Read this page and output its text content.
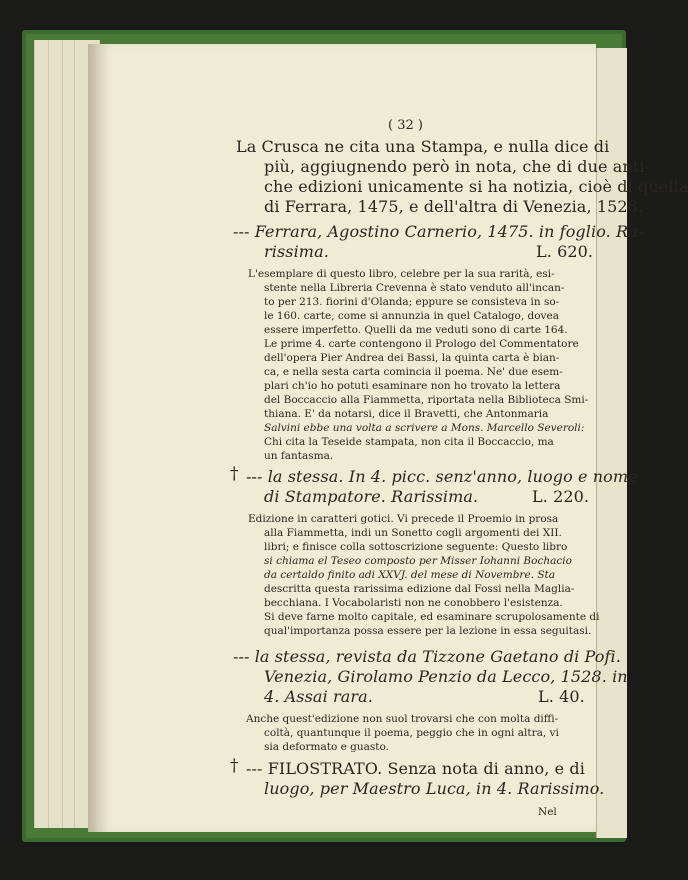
( 32 )
La Crusca ne cita una Stampa, e nulla dice di
più, aggiugnendo però in nota, che di due anti-
che edizioni unicamente si ha notizia, cioè di quella
di Ferrara, 1475, e dell'altra di Venezia, 1528.
--- Ferrara, Agostino Carnerio, 1475. in foglio. Ra-
rissima.	L. 620.
L'esemplare di questo libro, celebre per la sua rarità, esi-
stente nella Libreria Crevenna è stato venduto all'incan-
to per 213. fiorini d'Olanda; eppure se consisteva in so-
le 160. carte, come si annunzia in quel Catalogo, dovea
essere imperfetto. Quelli da me veduti sono di carte 164.
Le prime 4. carte contengono il Prologo del Commentatore
dell'opera Pier Andrea dei Bassi, la quinta carta è bian-
ca, e nella sesta carta comincia il poema. Ne' due esem-
plari ch'io ho potuti esaminare non ho trovato la lettera
del Boccaccio alla Fiammetta, riportata nella Biblioteca Smi-
thiana. E' da notarsi, dice il Bravetti, che Antonmaria
Salvini ebbe una volta a scrivere a Mons. Marcello Severoli:
Chi cita la Teseide stampata, non cita il Boccaccio, ma
un fantasma.
† --- la stessa. In 4. picc. senz'anno, luogo e nome
di Stampatore. Rarissima.	L. 220.
Edizione in caratteri gotici. Vi precede il Proemio in prosa
alla Fiammetta, indi un Sonetto cogli argomenti dei XII.
libri; e finisce colla sottoscrizione seguente: Questo libro
si chiama el Teseo composto per Misser Iohanni Bochacio
da certaldo finito adi XXVJ. del mese di Novembre. Sta
descritta questa rarissima edizione dal Fossi nella Maglia-
becchiana. I Vocabolaristi non ne conobbero l'esistenza.
Si deve farne molto capitale, ed esaminare scrupolosamente di
qual'importanza possa essere per la lezione in essa seguitasi.
--- la stessa, revista da Tizzone Gaetano di Pofi.
Venezia, Girolamo Penzio da Lecco, 1528. in
4. Assai rara.	L. 40.
Anche quest'edizione non suol trovarsi che con molta diffi-
coltà, quantunque il poema, peggio che in ogni altra, vi
sia deformato e guasto.
† --- FILOSTRATO. Senza nota di anno, e di
luogo, per Maestro Luca, in 4. Rarissimo.
Nel
